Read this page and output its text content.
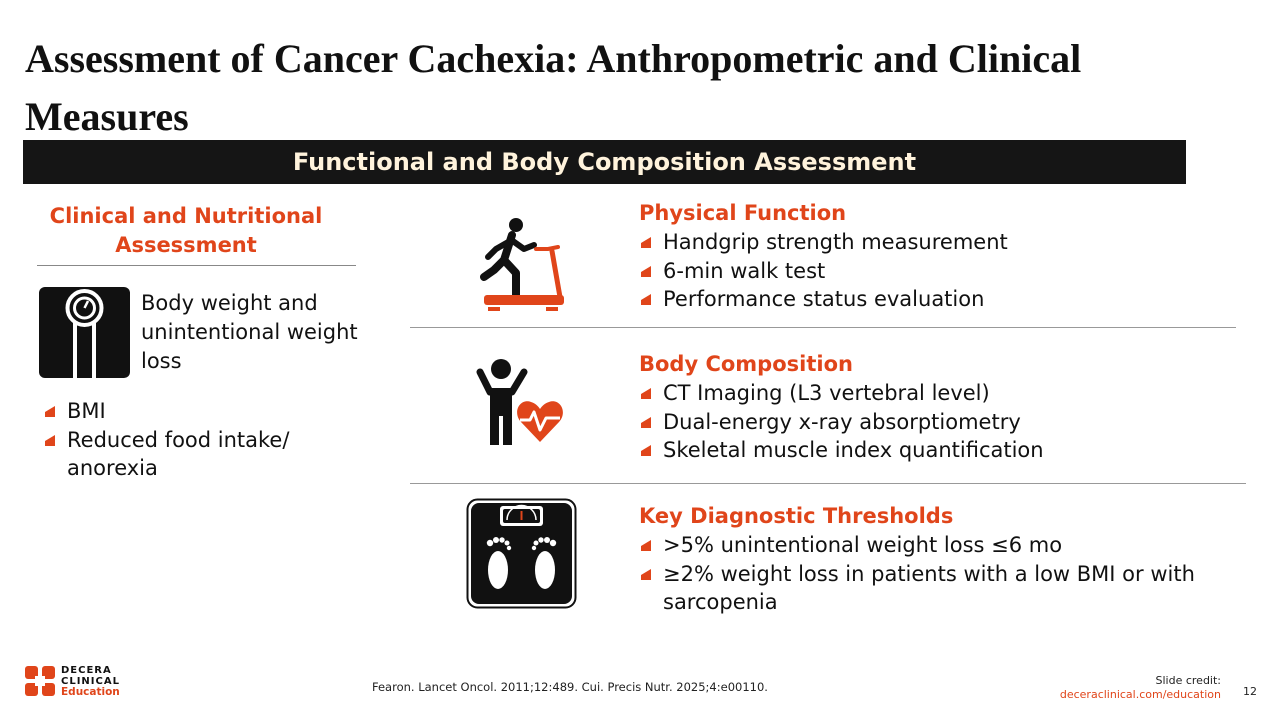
Assessment of Cancer Cachexia: Anthropometric and Clinical Measures
Functional and Body Composition Assessment
Clinical and Nutritional Assessment
Body weight and unintentional weight loss
BMI
Reduced food intake/ anorexia
Physical Function
Handgrip strength measurement
6-min walk test
Performance status evaluation
Body Composition
CT Imaging (L3 vertebral level)
Dual-energy x-ray absorptiometry
Skeletal muscle index quantification
Key Diagnostic Thresholds
>5% unintentional weight loss ≤6 mo
≥2% weight loss in patients with a low BMI or with sarcopenia
DECERA
CLINICAL
Education	Fearon. Lancet Oncol. 2011;12:489. Cui. Precis Nutr. 2025;4:e00110.	Slide credit:
deceraclinical.com/education 12
